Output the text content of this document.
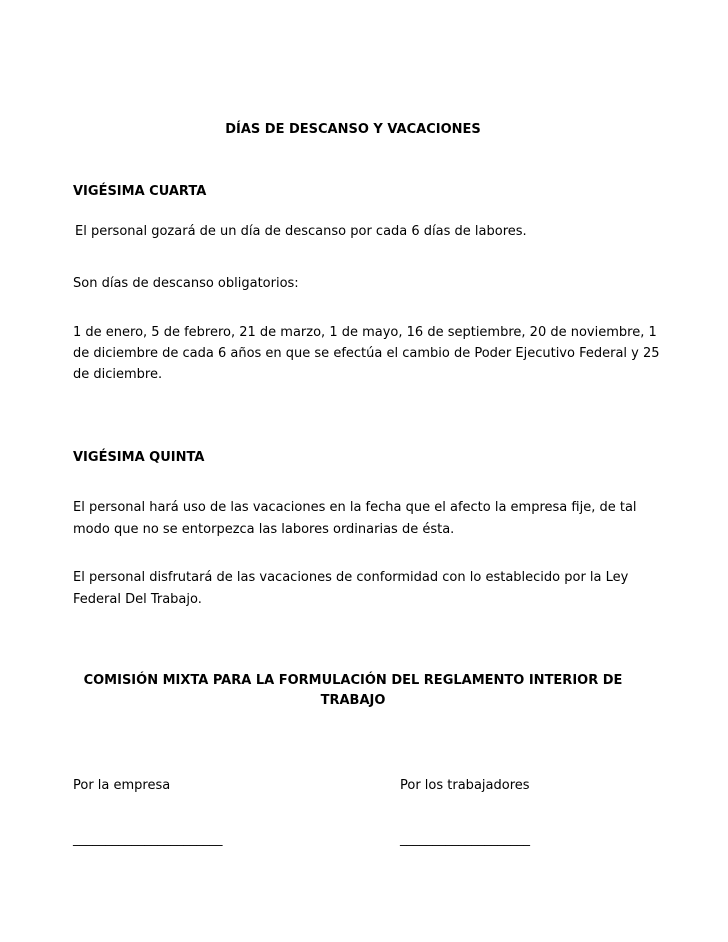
DÍAS DE DESCANSO Y VACACIONES
VIGÉSIMA CUARTA
El personal gozará de un día de descanso por cada 6 días de labores.
Son días de descanso obligatorios:
1 de enero, 5 de febrero, 21 de marzo, 1 de mayo, 16 de septiembre, 20 de noviembre, 1 de diciembre de cada 6 años en que se efectúa el cambio de Poder Ejecutivo Federal y 25 de diciembre.
VIGÉSIMA QUINTA
El personal hará uso de las vacaciones en la fecha que el afecto la empresa fije, de tal modo que no se entorpezca las labores ordinarias de ésta.
El personal disfrutará de las vacaciones de conformidad con lo establecido por la Ley Federal Del Trabajo.
COMISIÓN MIXTA PARA LA FORMULACIÓN DEL REGLAMENTO INTERIOR DE TRABAJO
Por la empresa	Por los trabajadores
_______________________	____________________
